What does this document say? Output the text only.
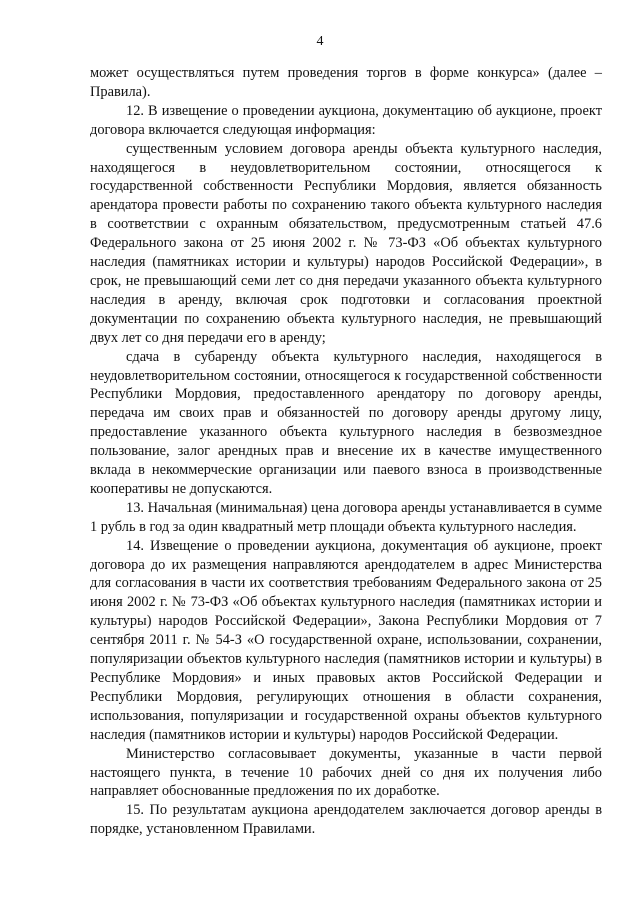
4

может осуществляться путем проведения торгов в форме конкурса» (далее – Правила).

12. В извещение о проведении аукциона, документацию об аукционе, проект договора включается следующая информация:

существенным условием договора аренды объекта культурного наследия, находящегося в неудовлетворительном состоянии, относящегося к государственной собственности Республики Мордовия, является обязанность арендатора провести работы по сохранению такого объекта культурного наследия в соответствии с охранным обязательством, предусмотренным статьей 47.6 Федерального закона от 25 июня 2002 г. № 73-ФЗ «Об объектах культурного наследия (памятниках истории и культуры) народов Российской Федерации», в срок, не превышающий семи лет со дня передачи указанного объекта культурного наследия в аренду, включая срок подготовки и согласования проектной документации по сохранению объекта культурного наследия, не превышающий двух лет со дня передачи его в аренду;

сдача в субаренду объекта культурного наследия, находящегося в неудовлетворительном состоянии, относящегося к государственной собственности Республики Мордовия, предоставленного арендатору по договору аренды, передача им своих прав и обязанностей по договору аренды другому лицу, предоставление указанного объекта культурного наследия в безвозмездное пользование, залог арендных прав и внесение их в качестве имущественного вклада в некоммерческие организации или паевого взноса в производственные кооперативы не допускаются.

13. Начальная (минимальная) цена договора аренды устанавливается в сумме 1 рубль в год за один квадратный метр площади объекта культурного наследия.

14. Извещение о проведении аукциона, документация об аукционе, проект договора до их размещения направляются арендодателем в адрес Министерства для согласования в части их соответствия требованиям Федерального закона от 25 июня 2002 г. № 73-ФЗ «Об объектах культурного наследия (памятниках истории и культуры) народов Российской Федерации», Закона Республики Мордовия от 7 сентября 2011 г. № 54-З «О государственной охране, использовании, сохранении, популяризации объектов культурного наследия (памятников истории и культуры) в Республике Мордовия» и иных правовых актов Российской Федерации и Республики Мордовия, регулирующих отношения в области сохранения, использования, популяризации и государственной охраны объектов культурного наследия (памятников истории и культуры) народов Российской Федерации.

Министерство согласовывает документы, указанные в части первой настоящего пункта, в течение 10 рабочих дней со дня их получения либо направляет обоснованные предложения по их доработке.

15. По результатам аукциона арендодателем заключается договор аренды в порядке, установленном Правилами.
